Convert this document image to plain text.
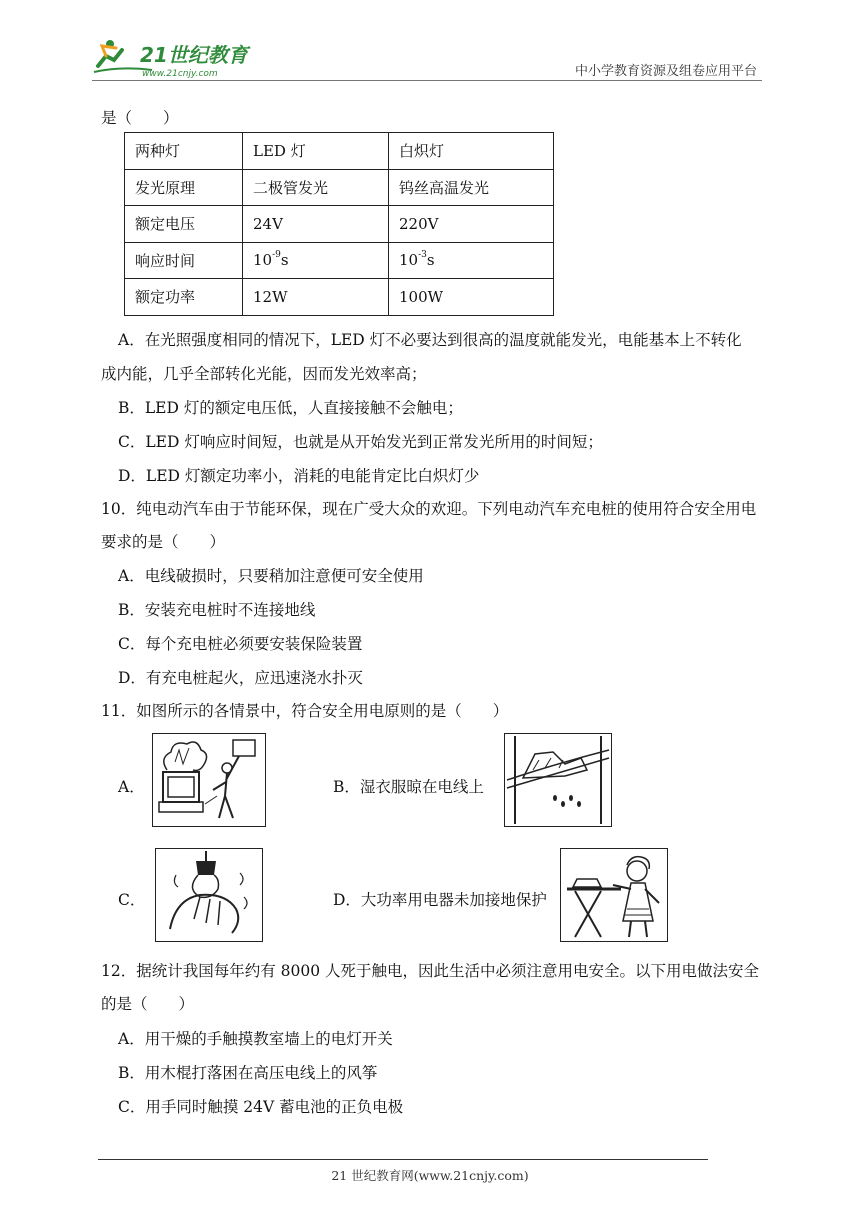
21世纪教育
www.21cnjy.com	中小学教育资源及组卷应用平台
是（　　）
两种灯	LED 灯	白炽灯
发光原理	二极管发光	钨丝高温发光
额定电压	24V	220V
响应时间	$10^{-9}s$	$10^{-3}s$
额定功率	12W	100W
A．在光照强度相同的情况下，LED 灯不必要达到很高的温度就能发光，电能基本上不转化
成内能，几乎全部转化光能，因而发光效率高；
B．LED 灯的额定电压低，人直接接触不会触电；
C．LED 灯响应时间短，也就是从开始发光到正常发光所用的时间短；
D．LED 灯额定功率小，消耗的电能肯定比白炽灯少
10．纯电动汽车由于节能环保，现在广受大众的欢迎。下列电动汽车充电桩的使用符合安全用电
要求的是（　　）
A．电线破损时，只要稍加注意便可安全使用
B．安装充电桩时不连接地线
C．每个充电桩必须要安装保险装置
D．有充电桩起火，应迅速浇水扑灭
11．如图所示的各情景中，符合安全用电原则的是（　　）
A．	B．湿衣服晾在电线上
C．	D．大功率用电器未加接地保护
12．据统计我国每年约有 8000 人死于触电，因此生活中必须注意用电安全。以下用电做法安全
的是（　　）
A．用干燥的手触摸教室墙上的电灯开关
B．用木棍打落困在高压电线上的风筝
C．用手同时触摸 24V 蓄电池的正负电极
21 世纪教育网(www.21cnjy.com)
